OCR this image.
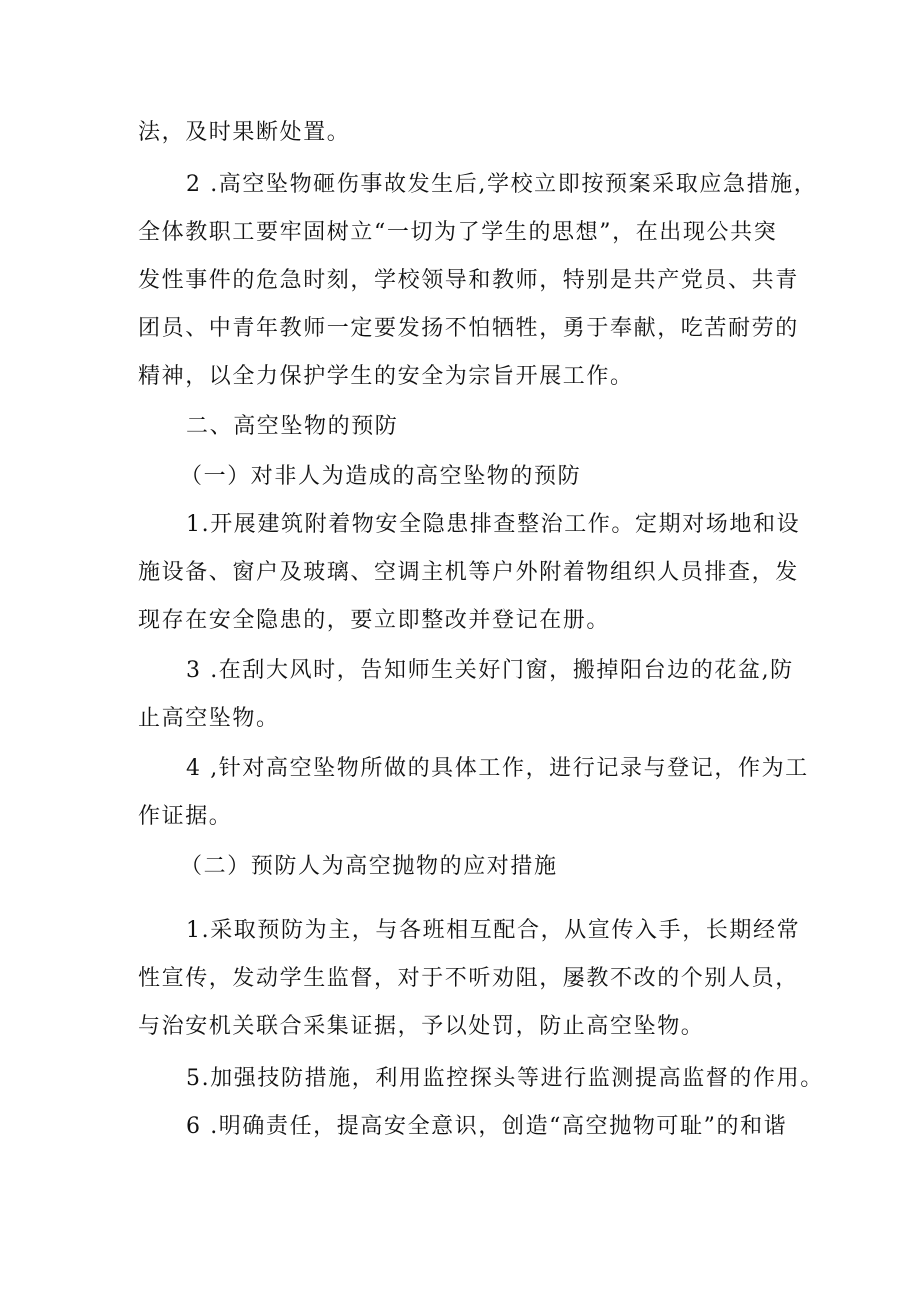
法，及时果断处置。
2 .高空坠物砸伤事故发生后,学校立即按预案采取应急措施，
全体教职工要牢固树立“一切为了学生的思想”，在出现公共突
发性事件的危急时刻，学校领导和教师，特别是共产党员、共青
团员、中青年教师一定要发扬不怕牺牲，勇于奉献，吃苦耐劳的
精神，以全力保护学生的安全为宗旨开展工作。
二、高空坠物的预防
（一）对非人为造成的高空坠物的预防
1.开展建筑附着物安全隐患排查整治工作。定期对场地和设
施设备、窗户及玻璃、空调主机等户外附着物组织人员排查，发
现存在安全隐患的，要立即整改并登记在册。
3 .在刮大风时，告知师生关好门窗，搬掉阳台边的花盆,防
止高空坠物。
4 ,针对高空坠物所做的具体工作，进行记录与登记，作为工
作证据。
（二）预防人为高空抛物的应对措施
1.采取预防为主，与各班相互配合，从宣传入手，长期经常
性宣传，发动学生监督，对于不听劝阻，屡教不改的个别人员，
与治安机关联合采集证据，予以处罚，防止高空坠物。
5.加强技防措施，利用监控探头等进行监测提高监督的作用。
6 .明确责任，提高安全意识，创造“高空抛物可耻”的和谐
